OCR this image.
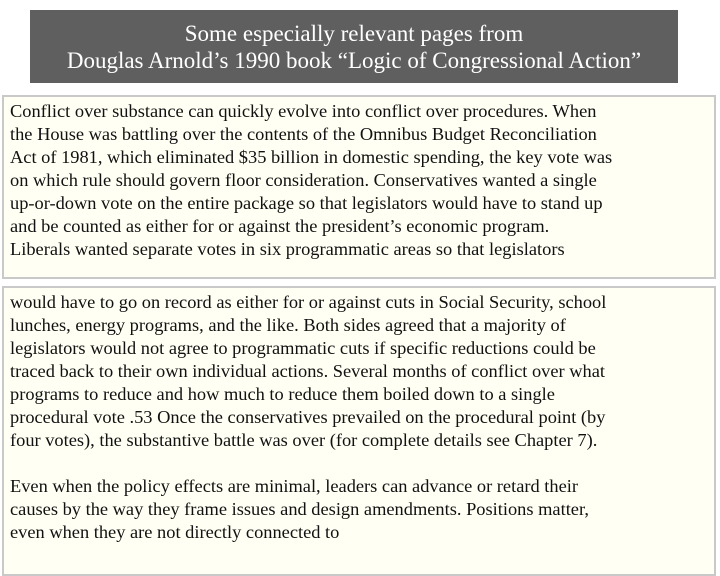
Some especially relevant pages from
Douglas Arnold’s 1990 book “Logic of Congressional Action”
Conflict over substance can quickly evolve into conflict over procedures. When
the House was battling over the contents of the Omnibus Budget Reconciliation
Act of 1981, which eliminated $35 billion in domestic spending, the key vote was
on which rule should govern floor consideration. Conservatives wanted a single
up-or-down vote on the entire package so that legislators would have to stand up
and be counted as either for or against the president’s economic program.
Liberals wanted separate votes in six programmatic areas so that legislators
would have to go on record as either for or against cuts in Social Security, school
lunches, energy programs, and the like. Both sides agreed that a majority of
legislators would not agree to programmatic cuts if specific reductions could be
traced back to their own individual actions. Several months of conflict over what
programs to reduce and how much to reduce them boiled down to a single
procedural vote .53 Once the conservatives prevailed on the procedural point (by
four votes), the substantive battle was over (for complete details see Chapter 7).
Even when the policy effects are minimal, leaders can advance or retard their
causes by the way they frame issues and design amendments. Positions matter,
even when they are not directly connected to
